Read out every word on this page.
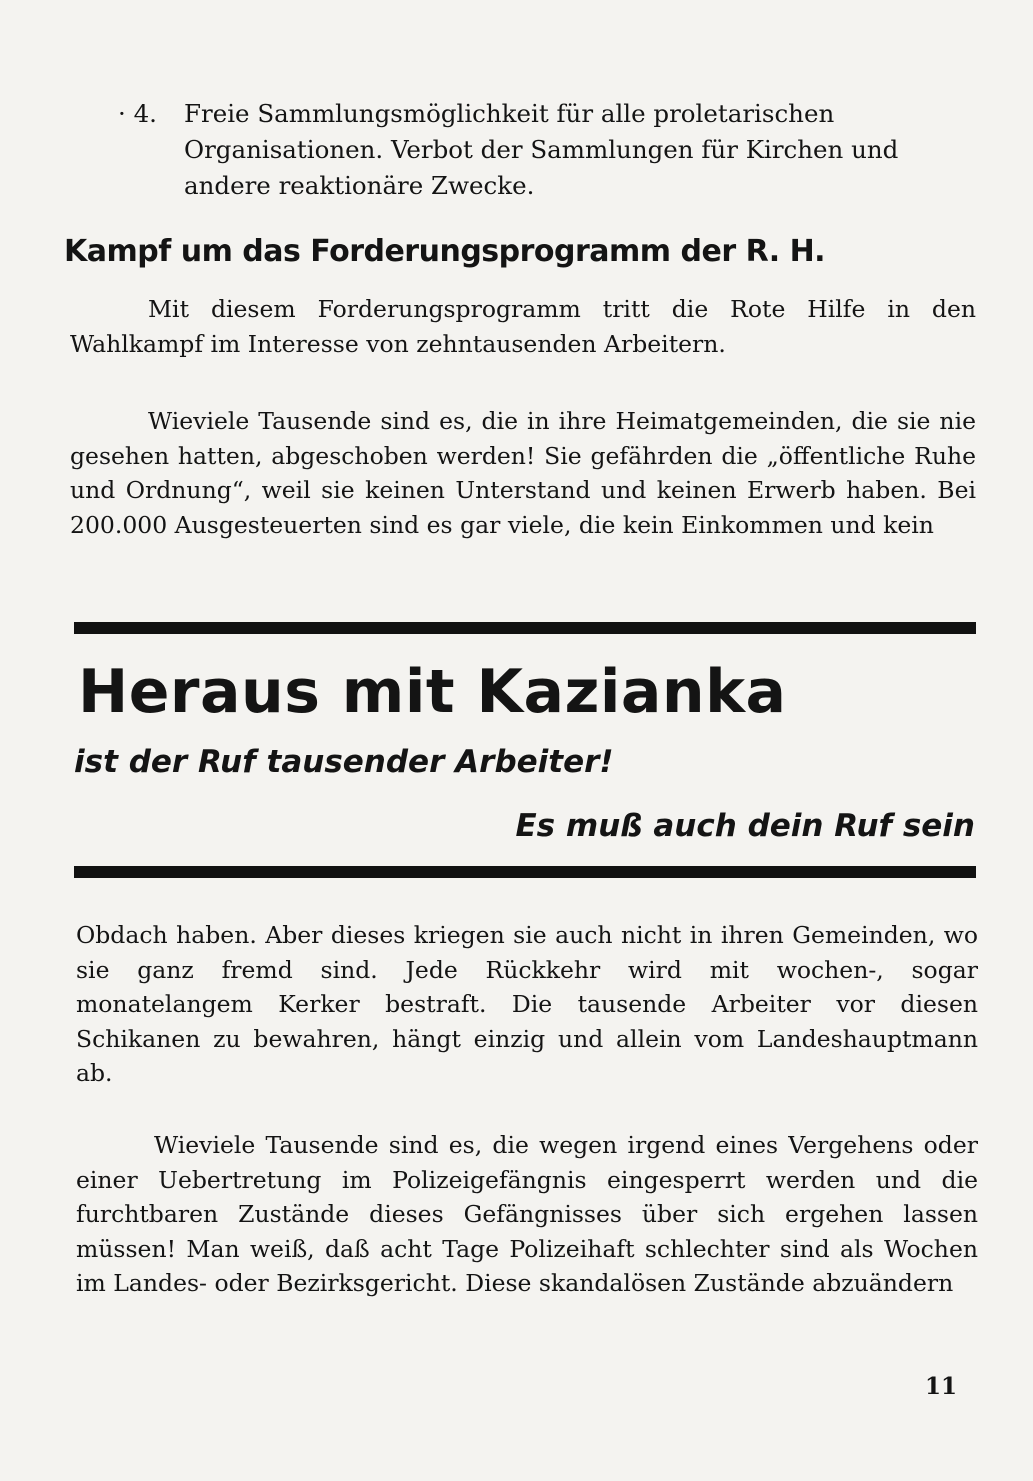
· 4.	Freie Sammlungsmöglichkeit für alle proletarischen Organisationen. Verbot der Sammlungen für Kirchen und andere reaktionäre Zwecke.
Kampf um das Forderungsprogramm der R. H.

Mit diesem Forderungsprogramm tritt die Rote Hilfe in den Wahlkampf im Interesse von zehntausenden Arbeitern.

Wieviele Tausende sind es, die in ihre Heimatgemeinden, die sie nie gesehen hatten, abgeschoben werden! Sie gefährden die „öffentliche Ruhe und Ordnung“, weil sie keinen Unterstand und keinen Erwerb haben. Bei 200.000 Ausgesteuerten sind es gar viele, die kein Einkommen und kein

Heraus mit Kazianka
ist der Ruf tausender Arbeiter!
Es muß auch dein Ruf sein

Obdach haben. Aber dieses kriegen sie auch nicht in ihren Gemeinden, wo sie ganz fremd sind. Jede Rückkehr wird mit wochen-, sogar monatelangem Kerker bestraft. Die tausende Arbeiter vor diesen Schikanen zu bewahren, hängt einzig und allein vom Landeshauptmann ab.

Wieviele Tausende sind es, die wegen irgend eines Vergehens oder einer Uebertretung im Polizeigefängnis eingesperrt werden und die furchtbaren Zustände dieses Gefängnisses über sich ergehen lassen müssen! Man weiß, daß acht Tage Polizeihaft schlechter sind als Wochen im Landes- oder Bezirksgericht. Diese skandalösen Zustände abzuändern

11
